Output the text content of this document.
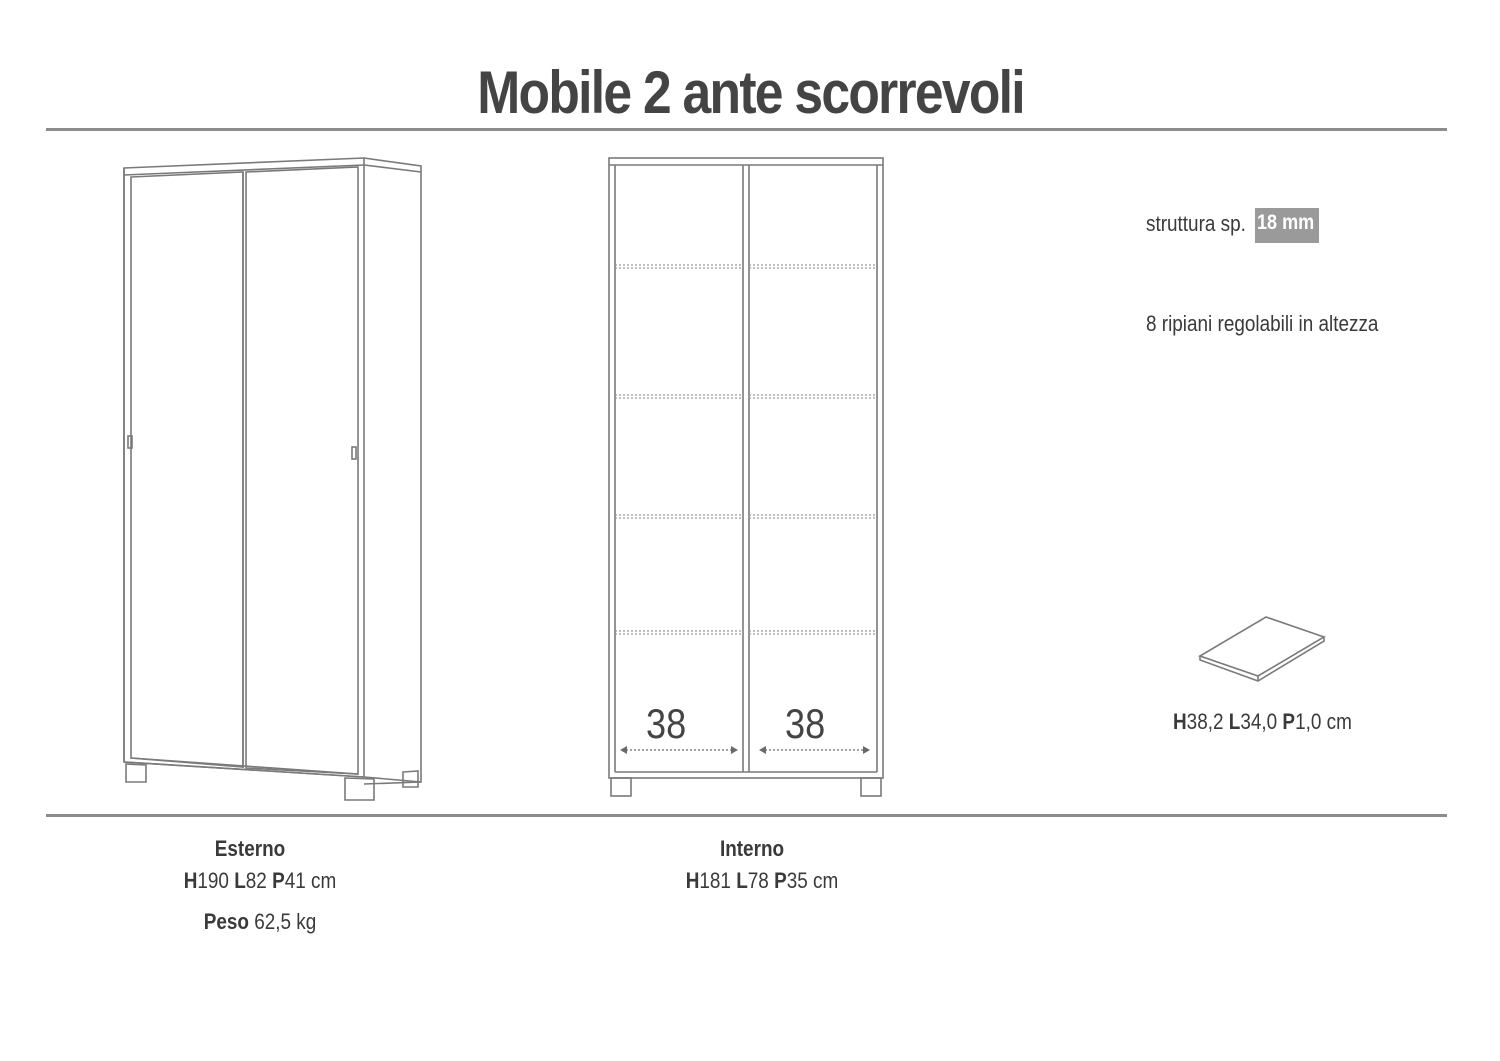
Mobile 2 ante scorrevoli
struttura sp. 18 mm
8 ripiani regolabili in altezza
H38,2 L34,0 P1,0 cm
38 38
Esterno
H190 L82 P41 cm
Peso 62,5 kg
Interno
H181 L78 P35 cm
